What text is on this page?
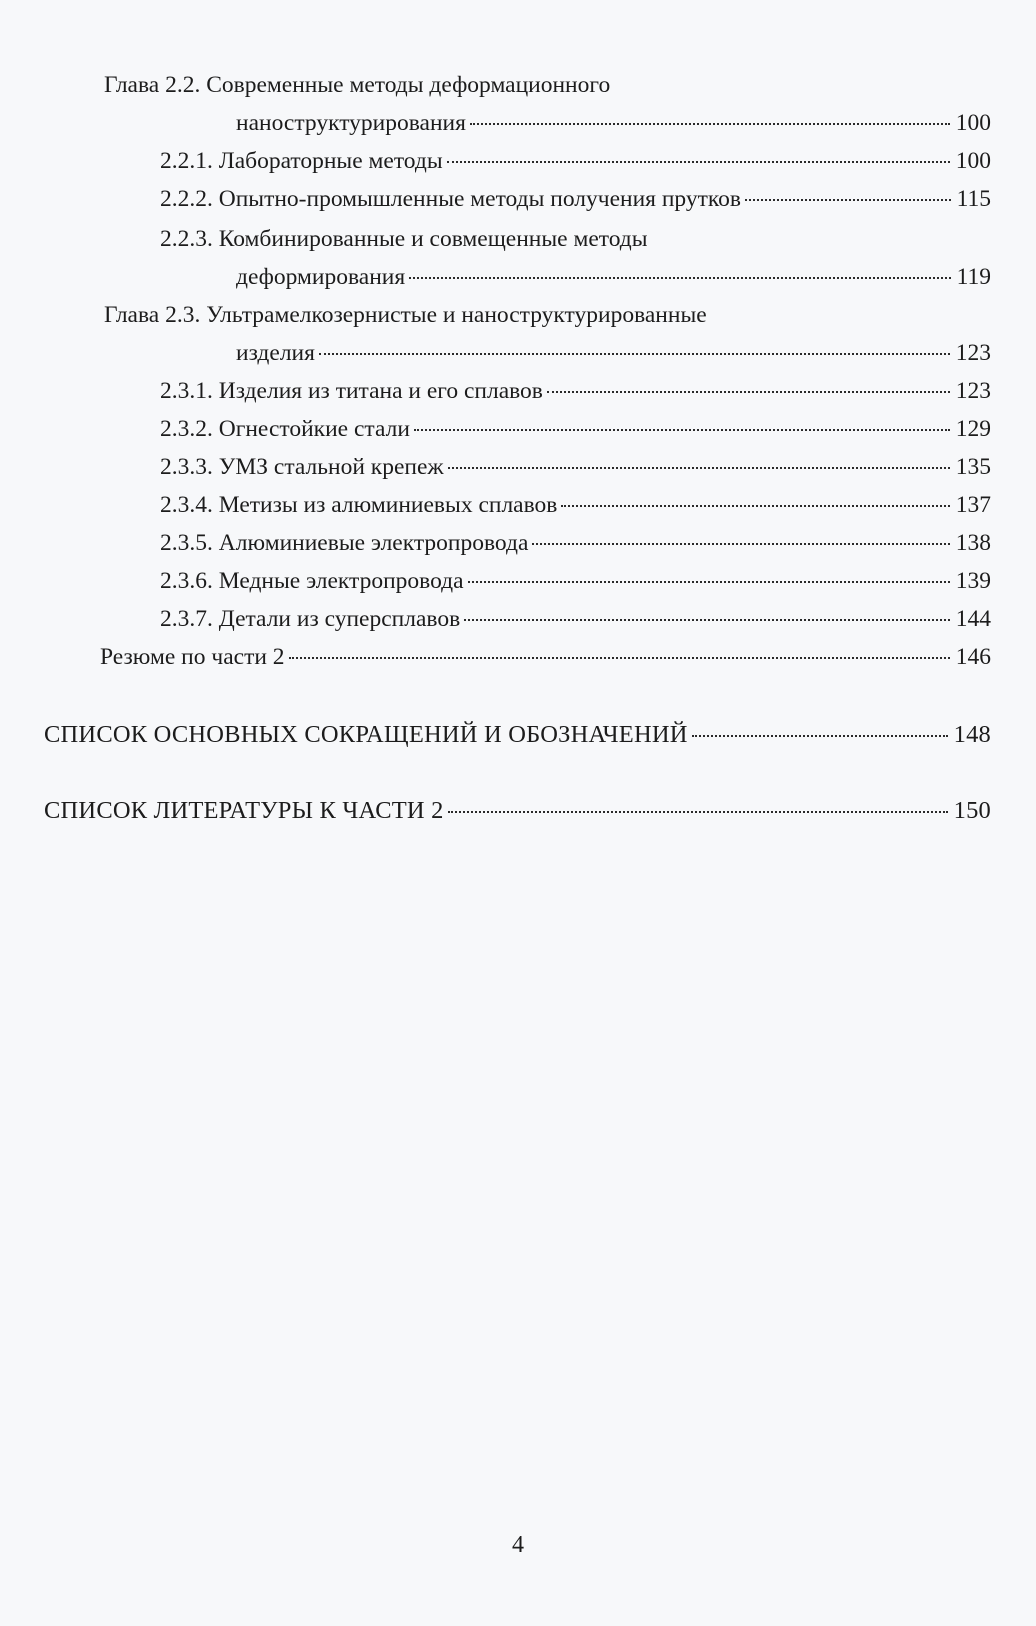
Глава 2.2. Современные методы деформационного
наноструктурирования	100
2.2.1. Лабораторные методы	100
2.2.2. Опытно-промышленные методы получения прутков	115
2.2.3. Комбинированные и совмещенные методы
деформирования	119
Глава 2.3. Ультрамелкозернистые и наноструктурированные
изделия	123
2.3.1. Изделия из титана и его сплавов	123
2.3.2. Огнестойкие стали	129
2.3.3. УМЗ стальной крепеж	135
2.3.4. Метизы из алюминиевых сплавов	137
2.3.5. Алюминиевые электропровода	138
2.3.6. Медные электропровода	139
2.3.7. Детали из суперсплавов	144
Резюме по части 2	146
СПИСОК ОСНОВНЫХ СОКРАЩЕНИЙ И ОБОЗНАЧЕНИЙ	148
СПИСОК ЛИТЕРАТУРЫ К ЧАСТИ 2	150
4
